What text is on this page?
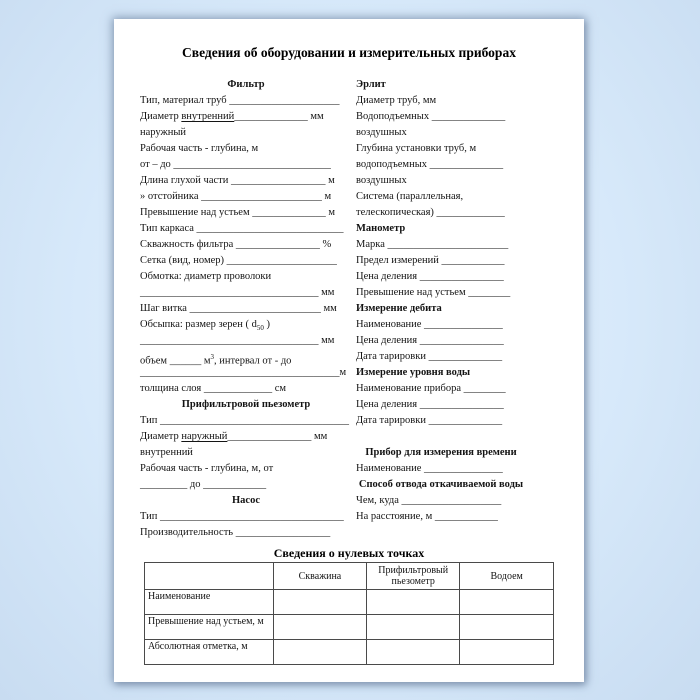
Сведения об оборудовании и измерительных приборах
Фильтр
Тип, материал труб _____________________
Диаметр внутренний______________ мм
наружный
Рабочая часть - глубина, м
от – до ______________________________
Длина глухой части __________________ м
» отстойника _______________________ м
Превышение над устьем ______________ м
Тип каркаса ____________________________
Скважность фильтра ________________ %
Сетка (вид, номер) _____________________
Обмотка: диаметр проволоки
__________________________________ мм
Шаг витка _________________________ мм
Обсыпка: размер зерен ( $d_{50}$ )
__________________________________ мм
объем ______ $м^3$, интервал от - до
______________________________________м
толщина слоя _____________ см
Прифильтровой пьезометр
Тип ____________________________________
Диаметр наружный________________ мм
внутренний
Рабочая часть - глубина, м, от
_________ до ____________
Насос
Тип ___________________________________
Производительность __________________
Эрлит
Диаметр труб, мм
Водоподъемных ______________
воздушных
Глубина установки труб, м
водоподъемных ______________
воздушных
Система (параллельная,
телескопическая) _____________
Манометр
Марка _______________________
Предел измерений ____________
Цена деления ________________
Превышение над устьем ________
Измерение дебита
Наименование _______________
Цена деления ________________
Дата тарировки ______________
Измерение уровня воды
Наименование прибора ________
Цена деления ________________
Дата тарировки ______________
Прибор для измерения времени
Наименование _______________
Способ отвода откачиваемой воды
Чем, куда ___________________
На расстояние, м ____________
Сведения о нулевых точках
	Скважина	Прифильтровый пьезометр	Водоем
Наименование			
Превышение над устьем, м			
Абсолютная отметка, м			
